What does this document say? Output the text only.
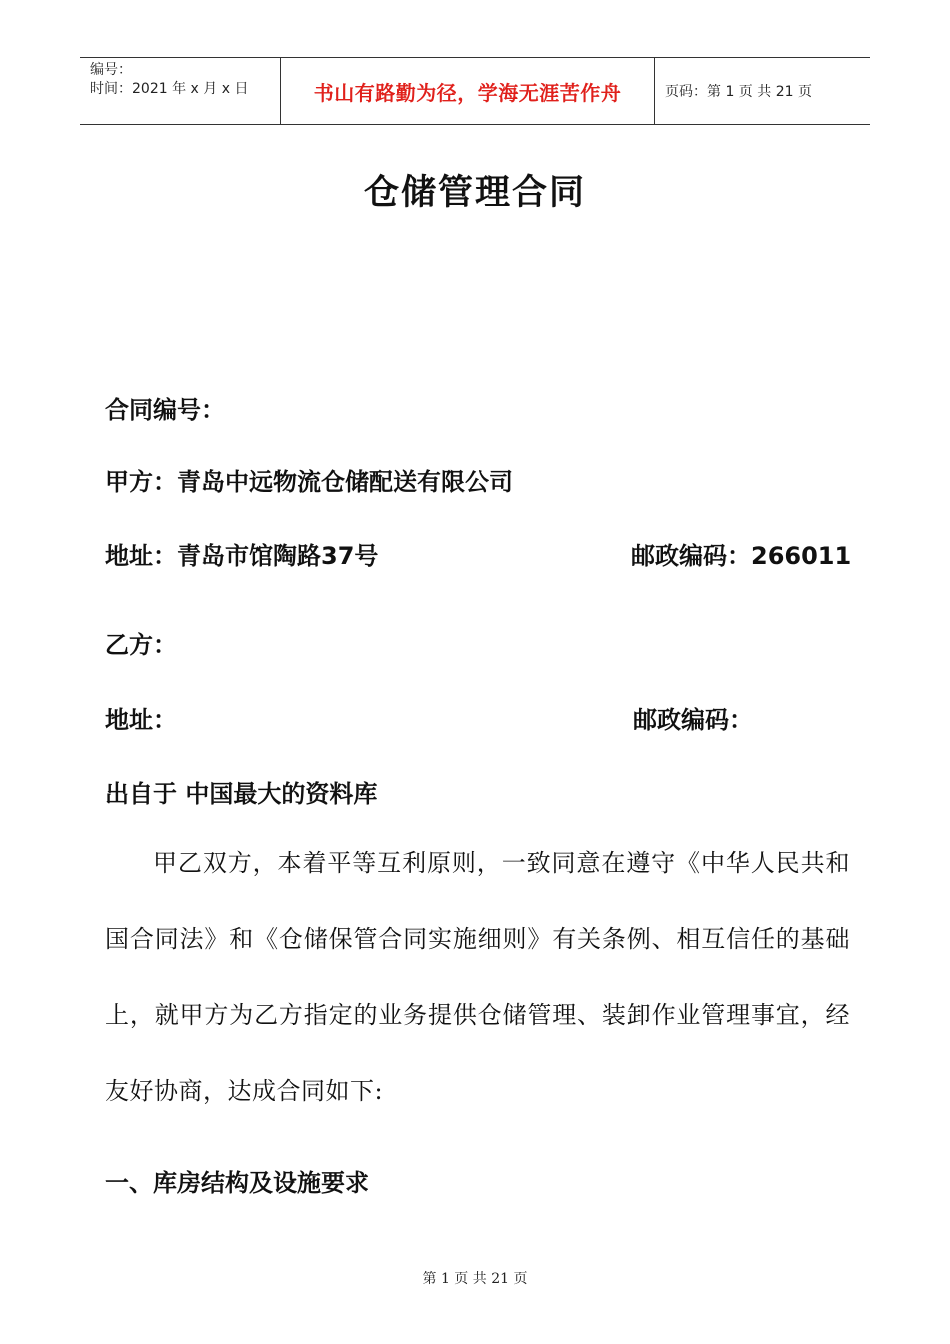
编号：
时间：2021 年 x 月 x 日	书山有路勤为径，学海无涯苦作舟	页码：第 1 页 共 21 页
仓储管理合同
合同编号：
甲方：青岛中远物流仓储配送有限公司
地址：青岛市馆陶路37号	邮政编码：266011
乙方：
地址：	邮政编码：
出自于 中国最大的资料库
甲乙双方，本着平等互利原则，一致同意在遵守《中华人民共和国合同法》和《仓储保管合同实施细则》有关条例、相互信任的基础上，就甲方为乙方指定的业务提供仓储管理、装卸作业管理事宜，经友好协商，达成合同如下:
一、库房结构及设施要求
第 1 页 共 21 页
